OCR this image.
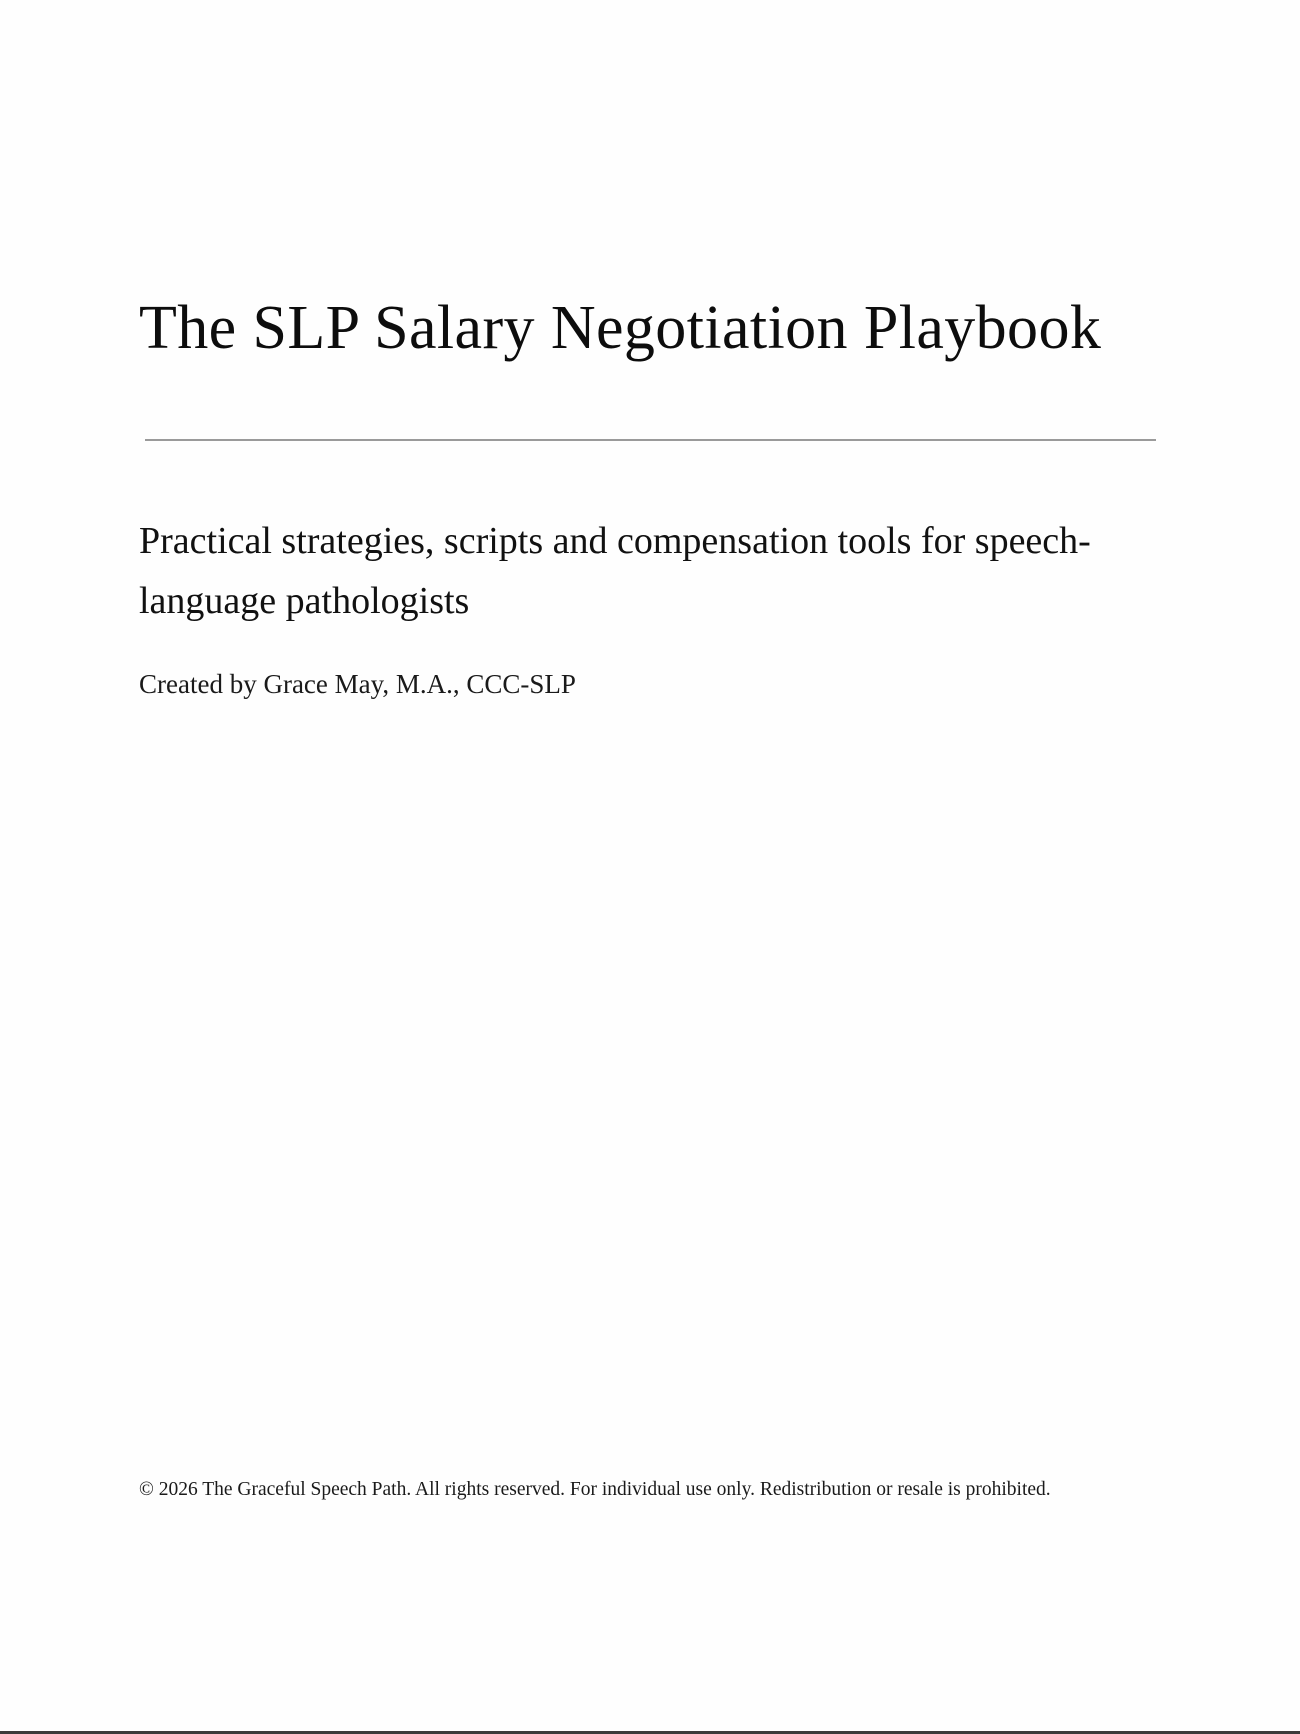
The SLP Salary Negotiation Playbook

Practical strategies, scripts and compensation tools for speech-language pathologists

Created by Grace May, M.A., CCC-SLP

© 2026 The Graceful Speech Path. All rights reserved. For individual use only. Redistribution or resale is prohibited.
